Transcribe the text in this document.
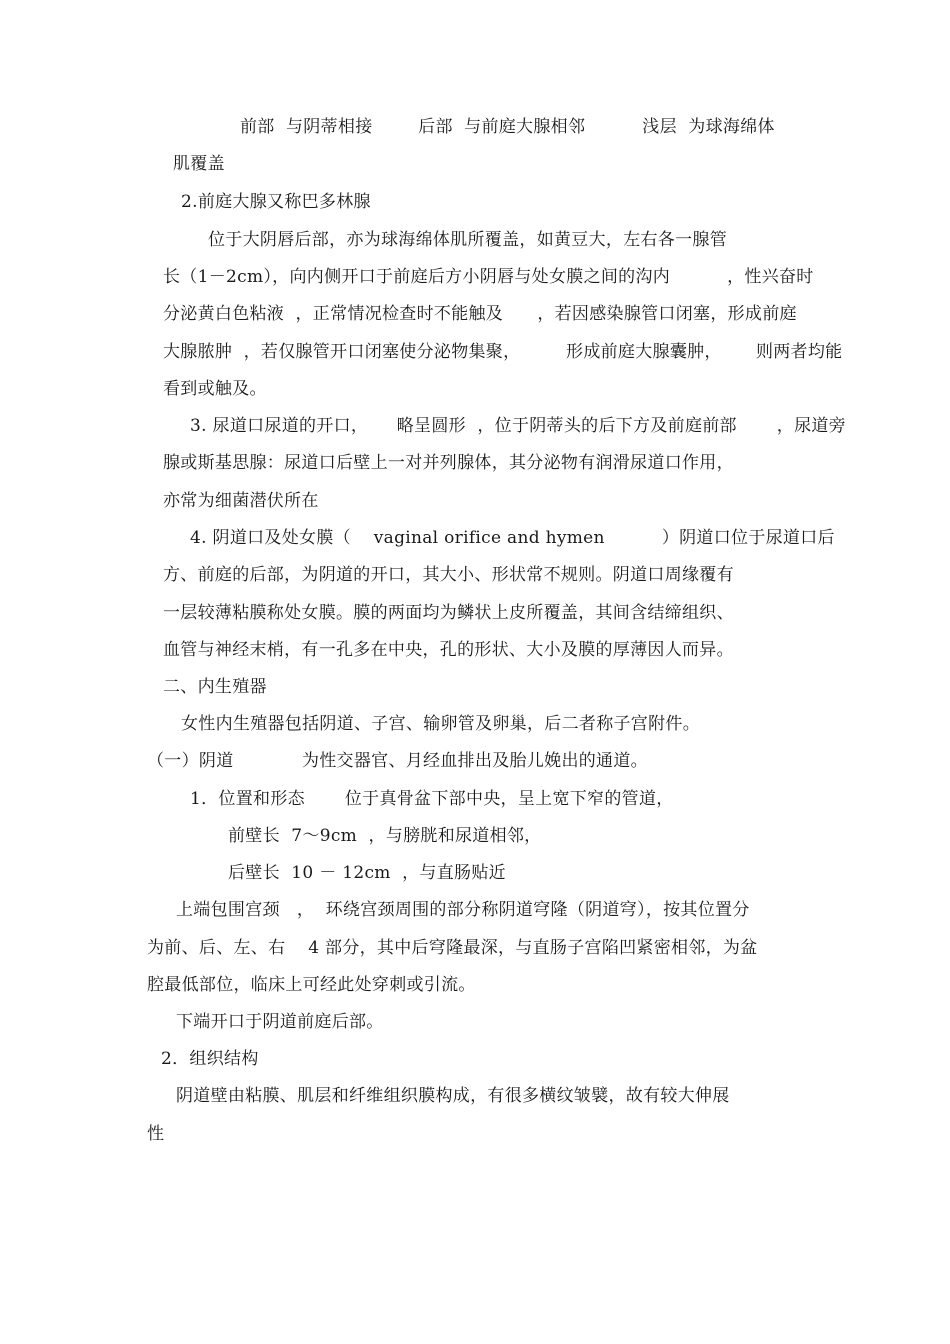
前部  与阴蒂相接        后部  与前庭大腺相邻          浅层  为球海绵体
肌覆盖
2.前庭大腺又称巴多林腺
位于大阴唇后部，亦为球海绵体肌所覆盖，如黄豆大，左右各一腺管
长（1－2cm），向内侧开口于前庭后方小阴唇与处女膜之间的沟内          ，性兴奋时
分泌黄白色粘液  ，正常情况检查时不能触及      ，若因感染腺管口闭塞，形成前庭
大腺脓肿  ，若仅腺管开口闭塞使分泌物集聚，        形成前庭大腺囊肿，      则两者均能
看到或触及。
3. 尿道口尿道的开口，     略呈圆形  ，位于阴蒂头的后下方及前庭前部       ，尿道旁
腺或斯基思腺：尿道口后壁上一对并列腺体，其分泌物有润滑尿道口作用，
亦常为细菌潜伏所在
4. 阴道口及处女膜（    vaginal orifice and hymen          ）阴道口位于尿道口后
方、前庭的后部，为阴道的开口，其大小、形状常不规则。阴道口周缘覆有
一层较薄粘膜称处女膜。膜的两面均为鳞状上皮所覆盖，其间含结缔组织、
血管与神经末梢，有一孔多在中央，孔的形状、大小及膜的厚薄因人而异。
二、内生殖器
女性内生殖器包括阴道、子宫、输卵管及卵巢，后二者称子宫附件。
（一）阴道            为性交器官、月经血排出及胎儿娩出的通道。
1．位置和形态       位于真骨盆下部中央，呈上宽下窄的管道，
前壁长  7～9cm  ，与膀胱和尿道相邻，
后壁长  10 － 12cm  ，与直肠贴近
上端包围宫颈   ，  环绕宫颈周围的部分称阴道穹隆（阴道穹），按其位置分
为前、后、左、右    4 部分，其中后穹隆最深，与直肠子宫陷凹紧密相邻，为盆
腔最低部位，临床上可经此处穿刺或引流。
下端开口于阴道前庭后部。
2．组织结构
阴道壁由粘膜、肌层和纤维组织膜构成，有很多横纹皱襞，故有较大伸展
性
